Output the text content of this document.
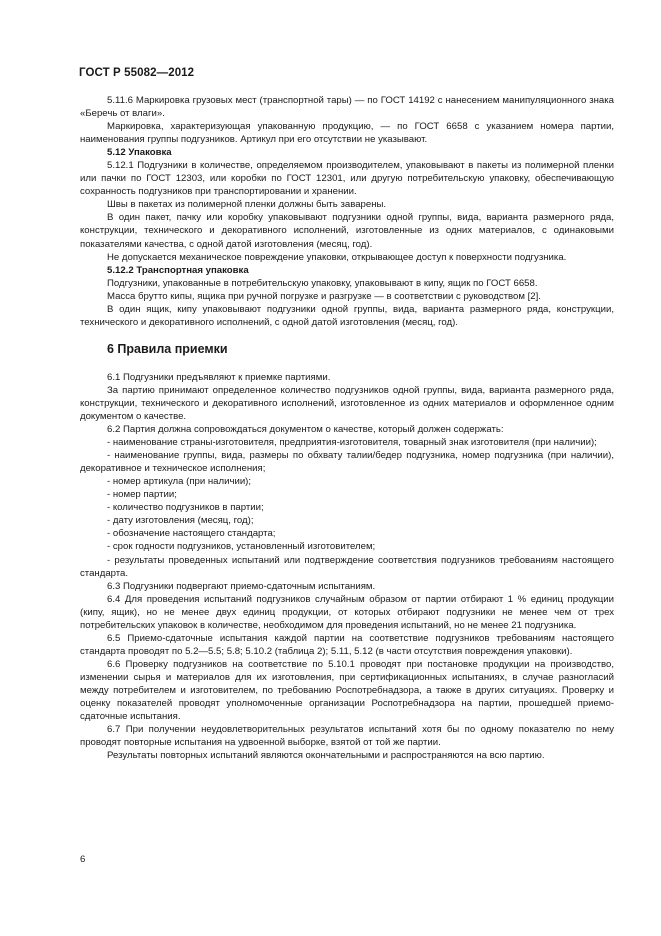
ГОСТ Р 55082—2012
5.11.6 Маркировка грузовых мест (транспортной тары) — по ГОСТ 14192 с нанесением манипуляционного знака «Беречь от влаги».
Маркировка, характеризующая упакованную продукцию, — по ГОСТ 6658 с указанием номера партии, наименования группы подгузников. Артикул при его отсутствии не указывают.
5.12 Упаковка
5.12.1 Подгузники в количестве, определяемом производителем, упаковывают в пакеты из полимерной пленки или пачки по ГОСТ 12303, или коробки по ГОСТ 12301, или другую потребительскую упаковку, обеспечивающую сохранность подгузников при транспортировании и хранении.
Швы в пакетах из полимерной пленки должны быть заварены.
В один пакет, пачку или коробку упаковывают подгузники одной группы, вида, варианта размерного ряда, конструкции, технического и декоративного исполнений, изготовленные из одних материалов, с одинаковыми показателями качества, с одной датой изготовления (месяц, год).
Не допускается механическое повреждение упаковки, открывающее доступ к поверхности подгузника.
5.12.2 Транспортная упаковка
Подгузники, упакованные в потребительскую упаковку, упаковывают в кипу, ящик по ГОСТ 6658.
Масса брутто кипы, ящика при ручной погрузке и разгрузке — в соответствии с руководством [2].
В один ящик, кипу упаковывают подгузники одной группы, вида, варианта размерного ряда, конструкции, технического и декоративного исполнений, с одной датой изготовления (месяц, год).
6 Правила приемки
6.1 Подгузники предъявляют к приемке партиями.
За партию принимают определенное количество подгузников одной группы, вида, варианта размерного ряда, конструкции, технического и декоративного исполнений, изготовленное из одних материалов и оформленное одним документом о качестве.
6.2 Партия должна сопровождаться документом о качестве, который должен содержать:
- наименование страны-изготовителя, предприятия-изготовителя, товарный знак изготовителя (при наличии);
- наименование группы, вида, размеры по обхвату талии/бедер подгузника, номер подгузника (при наличии), декоративное и техническое исполнения;
- номер артикула (при наличии);
- номер партии;
- количество подгузников в партии;
- дату изготовления (месяц, год);
- обозначение настоящего стандарта;
- срок годности подгузников, установленный изготовителем;
- результаты проведенных испытаний или подтверждение соответствия подгузников требованиям настоящего стандарта.
6.3 Подгузники подвергают приемо-сдаточным испытаниям.
6.4 Для проведения испытаний подгузников случайным образом от партии отбирают 1 % единиц продукции (кипу, ящик), но не менее двух единиц продукции, от которых отбирают подгузники не менее чем от трех потребительских упаковок в количестве, необходимом для проведения испытаний, но не менее 21 подгузника.
6.5 Приемо-сдаточные испытания каждой партии на соответствие подгузников требованиям настоящего стандарта проводят по 5.2—5.5; 5.8; 5.10.2 (таблица 2); 5.11, 5.12 (в части отсутствия повреждения упаковки).
6.6 Проверку подгузников на соответствие по 5.10.1 проводят при постановке продукции на производство, изменении сырья и материалов для их изготовления, при сертификационных испытаниях, в случае разногласий между потребителем и изготовителем, по требованию Роспотребнадзора, а также в других ситуациях. Проверку и оценку показателей проводят уполномоченные организации Роспотребнадзора на партии, прошедшей приемо-сдаточные испытания.
6.7 При получении неудовлетворительных результатов испытаний хотя бы по одному показателю по нему проводят повторные испытания на удвоенной выборке, взятой от той же партии.
Результаты повторных испытаний являются окончательными и распространяются на всю партию.
6
